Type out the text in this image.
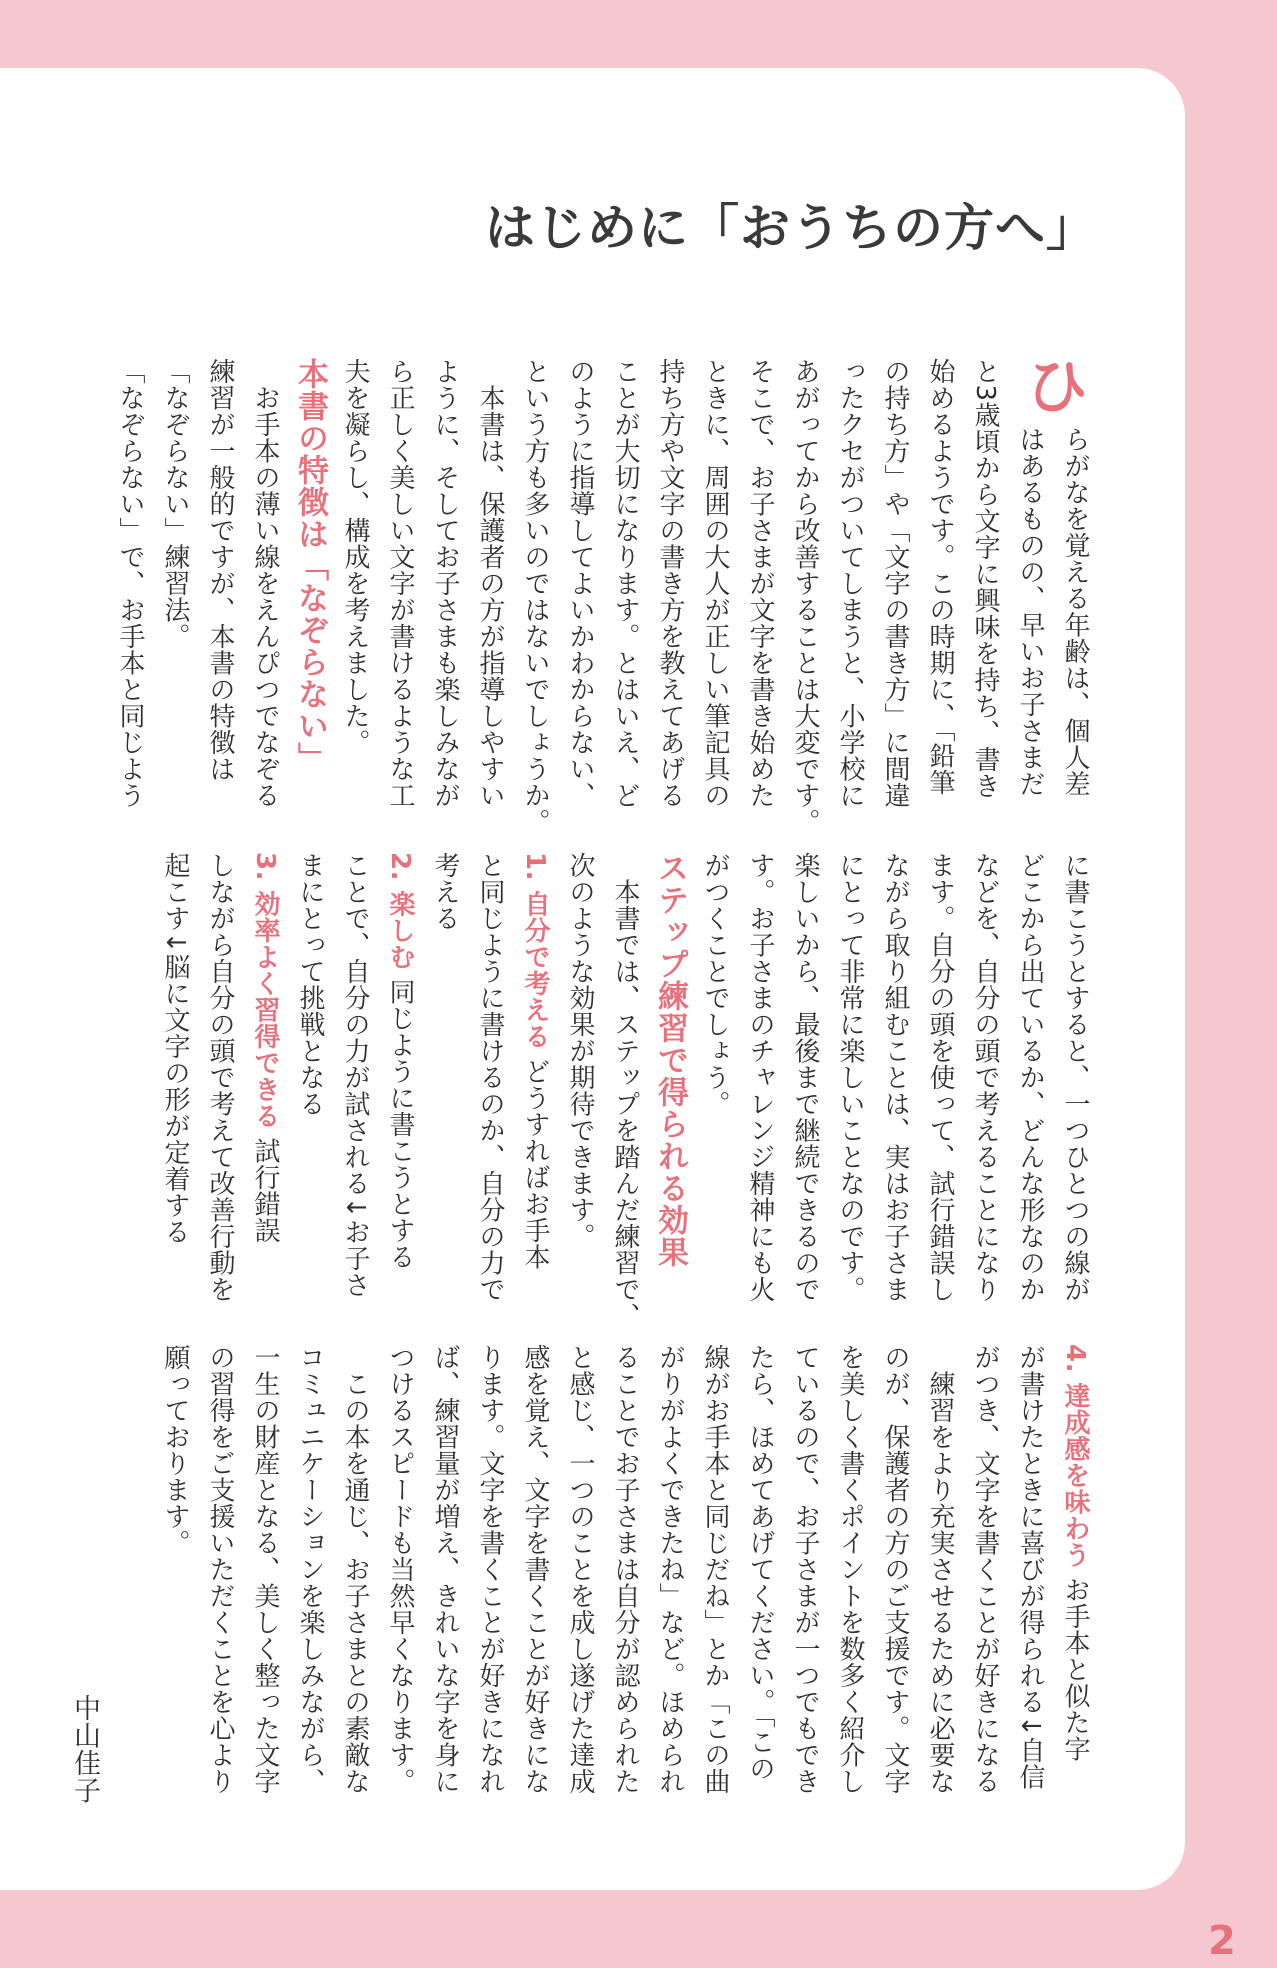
はじめに「おうちの方へ」
ひ
らがなを覚える年齢は、個人差
はあるものの、早いお子さまだ
と3歳頃から文字に興味を持ち、書き
始めるようです。この時期に、「鉛筆
の持ち方」や「文字の書き方」に間違
ったクセがついてしまうと、小学校に
あがってから改善することは大変です。
そこで、お子さまが文字を書き始めた
ときに、周囲の大人が正しい筆記具の
持ち方や文字の書き方を教えてあげる
ことが大切になります。とはいえ、ど
のように指導してよいかわからない、
という方も多いのではないでしょうか。
　本書は、保護者の方が指導しやすい
ように、そしてお子さまも楽しみなが
ら正しく美しい文字が書けるような工
夫を凝らし、構成を考えました。
本書の特徴は「なぞらない」
　お手本の薄い線をえんぴつでなぞる
練習が一般的ですが、本書の特徴は
「なぞらない」練習法。
「なぞらない」で、お手本と同じよう
に書こうとすると、一つひとつの線が
どこから出ているか、どんな形なのか
などを、自分の頭で考えることになり
ます。自分の頭を使って、試行錯誤し
ながら取り組むことは、実はお子さま
にとって非常に楽しいことなのです。
楽しいから、最後まで継続できるので
す。お子さまのチャレンジ精神にも火
がつくことでしょう。
ステップ練習で得られる効果
　本書では、ステップを踏んだ練習で、
次のような効果が期待できます。
1. 自分で考える どうすればお手本
と同じように書けるのか、自分の力で
考える
2. 楽しむ 同じように書こうとする
ことで、自分の力が試される↓お子さ
まにとって挑戦となる
3. 効率よく習得できる 試行錯誤
しながら自分の頭で考えて改善行動を
起こす↓脳に文字の形が定着する
4. 達成感を味わう お手本と似た字
が書けたときに喜びが得られる↓自信
がつき、文字を書くことが好きになる
　練習をより充実させるために必要な
のが、保護者の方のご支援です。文字
を美しく書くポイントを数多く紹介し
ているので、お子さまが一つでもでき
たら、ほめてあげてください。「この
線がお手本と同じだね」とか「この曲
がりがよくできたね」など。ほめられ
ることでお子さまは自分が認められた
と感じ、一つのことを成し遂げた達成
感を覚え、文字を書くことが好きにな
ります。文字を書くことが好きになれ
ば、練習量が増え、きれいな字を身に
つけるスピードも当然早くなります。
　この本を通じ、お子さまとの素敵な
コミュニケーションを楽しみながら、
一生の財産となる、美しく整った文字
の習得をご支援いただくことを心より
願っております。
中山佳子
2
